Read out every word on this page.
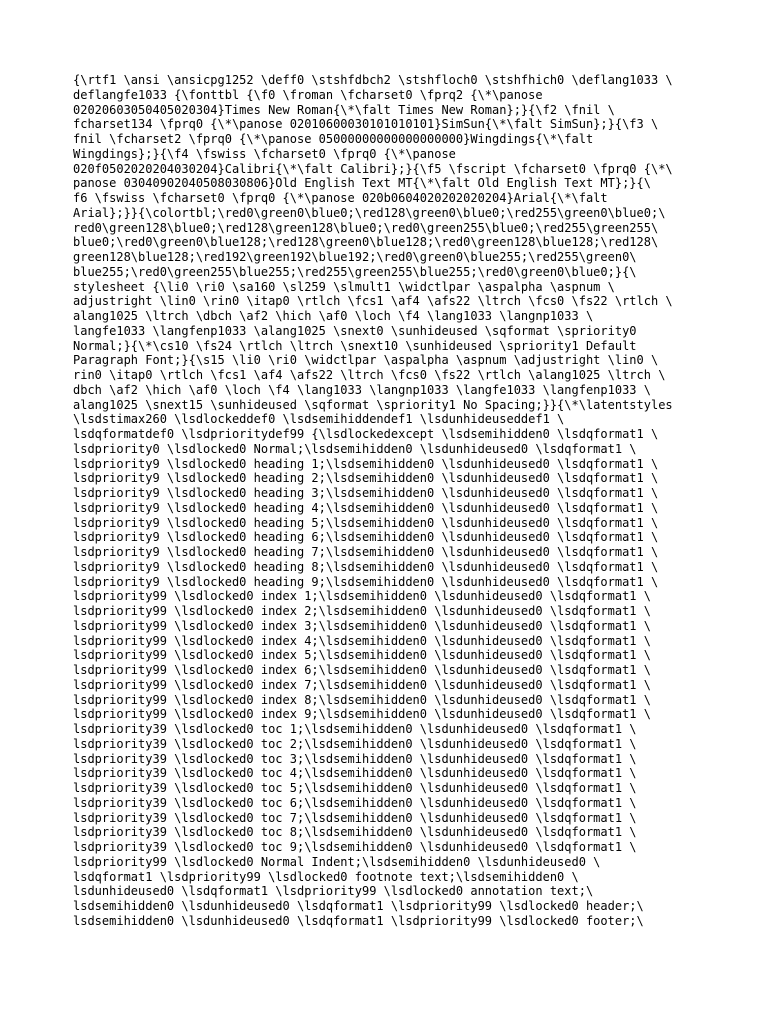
{\rtf1 \ansi \ansicpg1252 \deff0 \stshfdbch2 \stshfloch0 \stshfhich0 \deflang1033 \
deflangfe1033 {\fonttbl {\f0 \froman \fcharset0 \fprq2 {\*\panose
02020603050405020304}Times New Roman{\*\falt Times New Roman};}{\f2 \fnil \
fcharset134 \fprq0 {\*\panose 02010600030101010101}SimSun{\*\falt SimSun};}{\f3 \
fnil \fcharset2 \fprq0 {\*\panose 05000000000000000000}Wingdings{\*\falt
Wingdings};}{\f4 \fswiss \fcharset0 \fprq0 {\*\panose
020f0502020204030204}Calibri{\*\falt Calibri};}{\f5 \fscript \fcharset0 \fprq0 {\*\
panose 03040902040508030806}Old English Text MT{\*\falt Old English Text MT};}{\
f6 \fswiss \fcharset0 \fprq0 {\*\panose 020b0604020202020204}Arial{\*\falt
Arial};}}{\colortbl;\red0\green0\blue0;\red128\green0\blue0;\red255\green0\blue0;\
red0\green128\blue0;\red128\green128\blue0;\red0\green255\blue0;\red255\green255\
blue0;\red0\green0\blue128;\red128\green0\blue128;\red0\green128\blue128;\red128\
green128\blue128;\red192\green192\blue192;\red0\green0\blue255;\red255\green0\
blue255;\red0\green255\blue255;\red255\green255\blue255;\red0\green0\blue0;}{\
stylesheet {\li0 \ri0 \sa160 \sl259 \slmult1 \widctlpar \aspalpha \aspnum \
adjustright \lin0 \rin0 \itap0 \rtlch \fcs1 \af4 \afs22 \ltrch \fcs0 \fs22 \rtlch \
alang1025 \ltrch \dbch \af2 \hich \af0 \loch \f4 \lang1033 \langnp1033 \
langfe1033 \langfenp1033 \alang1025 \snext0 \sunhideused \sqformat \spriority0
Normal;}{\*\cs10 \fs24 \rtlch \ltrch \snext10 \sunhideused \spriority1 Default
Paragraph Font;}{\s15 \li0 \ri0 \widctlpar \aspalpha \aspnum \adjustright \lin0 \
rin0 \itap0 \rtlch \fcs1 \af4 \afs22 \ltrch \fcs0 \fs22 \rtlch \alang1025 \ltrch \
dbch \af2 \hich \af0 \loch \f4 \lang1033 \langnp1033 \langfe1033 \langfenp1033 \
alang1025 \snext15 \sunhideused \sqformat \spriority1 No Spacing;}}{\*\latentstyles
\lsdstimax260 \lsdlockeddef0 \lsdsemihiddendef1 \lsdunhideuseddef1 \
lsdqformatdef0 \lsdprioritydef99 {\lsdlockedexcept \lsdsemihidden0 \lsdqformat1 \
lsdpriority0 \lsdlocked0 Normal;\lsdsemihidden0 \lsdunhideused0 \lsdqformat1 \
lsdpriority9 \lsdlocked0 heading 1;\lsdsemihidden0 \lsdunhideused0 \lsdqformat1 \
lsdpriority9 \lsdlocked0 heading 2;\lsdsemihidden0 \lsdunhideused0 \lsdqformat1 \
lsdpriority9 \lsdlocked0 heading 3;\lsdsemihidden0 \lsdunhideused0 \lsdqformat1 \
lsdpriority9 \lsdlocked0 heading 4;\lsdsemihidden0 \lsdunhideused0 \lsdqformat1 \
lsdpriority9 \lsdlocked0 heading 5;\lsdsemihidden0 \lsdunhideused0 \lsdqformat1 \
lsdpriority9 \lsdlocked0 heading 6;\lsdsemihidden0 \lsdunhideused0 \lsdqformat1 \
lsdpriority9 \lsdlocked0 heading 7;\lsdsemihidden0 \lsdunhideused0 \lsdqformat1 \
lsdpriority9 \lsdlocked0 heading 8;\lsdsemihidden0 \lsdunhideused0 \lsdqformat1 \
lsdpriority9 \lsdlocked0 heading 9;\lsdsemihidden0 \lsdunhideused0 \lsdqformat1 \
lsdpriority99 \lsdlocked0 index 1;\lsdsemihidden0 \lsdunhideused0 \lsdqformat1 \
lsdpriority99 \lsdlocked0 index 2;\lsdsemihidden0 \lsdunhideused0 \lsdqformat1 \
lsdpriority99 \lsdlocked0 index 3;\lsdsemihidden0 \lsdunhideused0 \lsdqformat1 \
lsdpriority99 \lsdlocked0 index 4;\lsdsemihidden0 \lsdunhideused0 \lsdqformat1 \
lsdpriority99 \lsdlocked0 index 5;\lsdsemihidden0 \lsdunhideused0 \lsdqformat1 \
lsdpriority99 \lsdlocked0 index 6;\lsdsemihidden0 \lsdunhideused0 \lsdqformat1 \
lsdpriority99 \lsdlocked0 index 7;\lsdsemihidden0 \lsdunhideused0 \lsdqformat1 \
lsdpriority99 \lsdlocked0 index 8;\lsdsemihidden0 \lsdunhideused0 \lsdqformat1 \
lsdpriority99 \lsdlocked0 index 9;\lsdsemihidden0 \lsdunhideused0 \lsdqformat1 \
lsdpriority39 \lsdlocked0 toc 1;\lsdsemihidden0 \lsdunhideused0 \lsdqformat1 \
lsdpriority39 \lsdlocked0 toc 2;\lsdsemihidden0 \lsdunhideused0 \lsdqformat1 \
lsdpriority39 \lsdlocked0 toc 3;\lsdsemihidden0 \lsdunhideused0 \lsdqformat1 \
lsdpriority39 \lsdlocked0 toc 4;\lsdsemihidden0 \lsdunhideused0 \lsdqformat1 \
lsdpriority39 \lsdlocked0 toc 5;\lsdsemihidden0 \lsdunhideused0 \lsdqformat1 \
lsdpriority39 \lsdlocked0 toc 6;\lsdsemihidden0 \lsdunhideused0 \lsdqformat1 \
lsdpriority39 \lsdlocked0 toc 7;\lsdsemihidden0 \lsdunhideused0 \lsdqformat1 \
lsdpriority39 \lsdlocked0 toc 8;\lsdsemihidden0 \lsdunhideused0 \lsdqformat1 \
lsdpriority39 \lsdlocked0 toc 9;\lsdsemihidden0 \lsdunhideused0 \lsdqformat1 \
lsdpriority99 \lsdlocked0 Normal Indent;\lsdsemihidden0 \lsdunhideused0 \
lsdqformat1 \lsdpriority99 \lsdlocked0 footnote text;\lsdsemihidden0 \
lsdunhideused0 \lsdqformat1 \lsdpriority99 \lsdlocked0 annotation text;\
lsdsemihidden0 \lsdunhideused0 \lsdqformat1 \lsdpriority99 \lsdlocked0 header;\
lsdsemihidden0 \lsdunhideused0 \lsdqformat1 \lsdpriority99 \lsdlocked0 footer;\
